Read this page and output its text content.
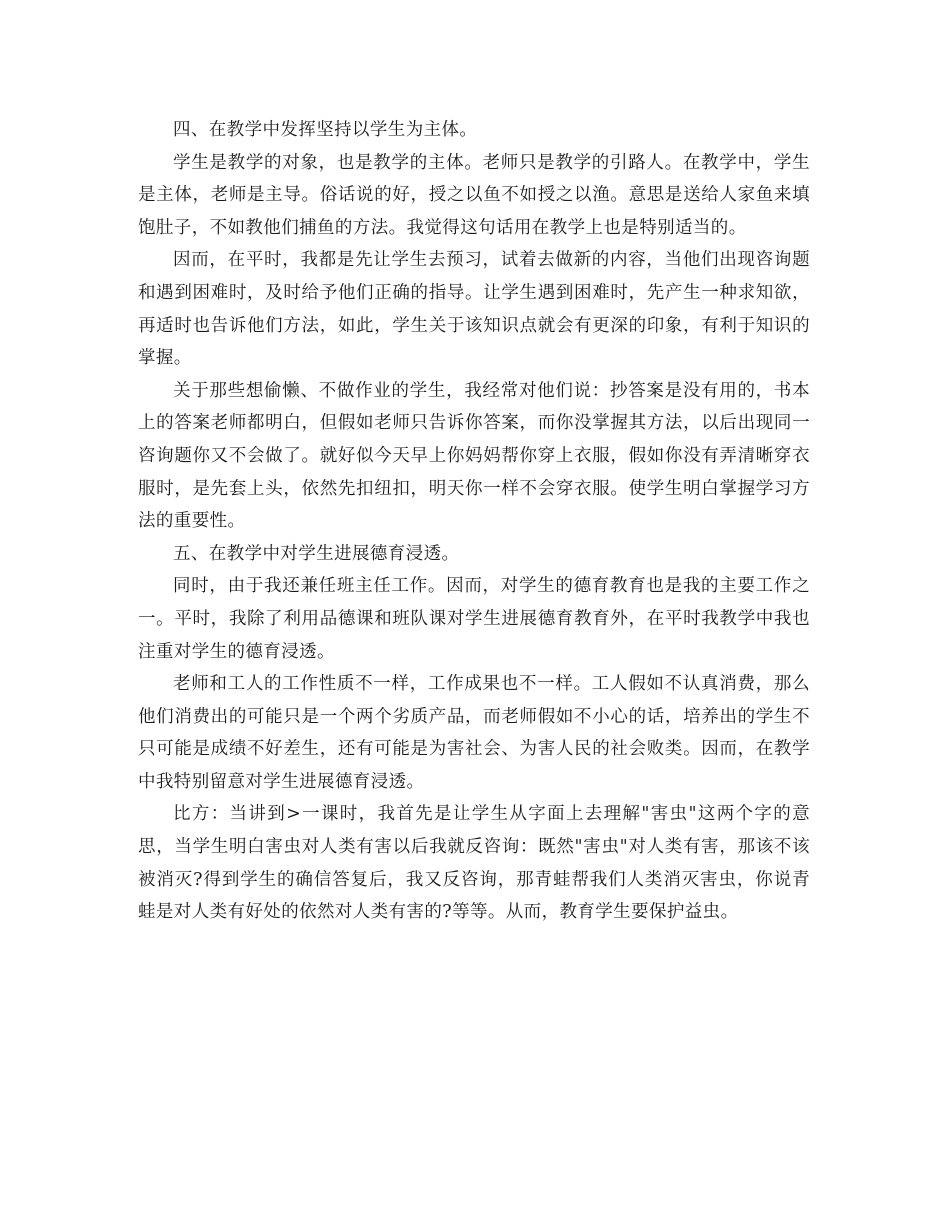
四、在教学中发挥坚持以学生为主体。

学生是教学的对象，也是教学的主体。老师只是教学的引路人。在教学中，学生是主体，老师是主导。俗话说的好，授之以鱼不如授之以渔。意思是送给人家鱼来填饱肚子，不如教他们捕鱼的方法。我觉得这句话用在教学上也是特别适当的。

因而，在平时，我都是先让学生去预习，试着去做新的内容，当他们出现咨询题和遇到困难时，及时给予他们正确的指导。让学生遇到困难时，先产生一种求知欲，再适时也告诉他们方法，如此，学生关于该知识点就会有更深的印象，有利于知识的掌握。

关于那些想偷懒、不做作业的学生，我经常对他们说：抄答案是没有用的，书本上的答案老师都明白，但假如老师只告诉你答案，而你没掌握其方法，以后出现同一咨询题你又不会做了。就好似今天早上你妈妈帮你穿上衣服，假如你没有弄清晰穿衣服时，是先套上头，依然先扣纽扣，明天你一样不会穿衣服。使学生明白掌握学习方法的重要性。

五、在教学中对学生进展德育浸透。

同时，由于我还兼任班主任工作。因而，对学生的德育教育也是我的主要工作之一。平时，我除了利用品德课和班队课对学生进展德育教育外，在平时我教学中我也注重对学生的德育浸透。

老师和工人的工作性质不一样，工作成果也不一样。工人假如不认真消费，那么他们消费出的可能只是一个两个劣质产品，而老师假如不小心的话，培养出的学生不只可能是成绩不好差生，还有可能是为害社会、为害人民的社会败类。因而，在教学中我特别留意对学生进展德育浸透。

比方：当讲到>一课时，我首先是让学生从字面上去理解"害虫"这两个字的意思，当学生明白害虫对人类有害以后我就反咨询：既然"害虫"对人类有害，那该不该被消灭?得到学生的确信答复后，我又反咨询，那青蛙帮我们人类消灭害虫，你说青蛙是对人类有好处的依然对人类有害的?等等。从而，教育学生要保护益虫。
